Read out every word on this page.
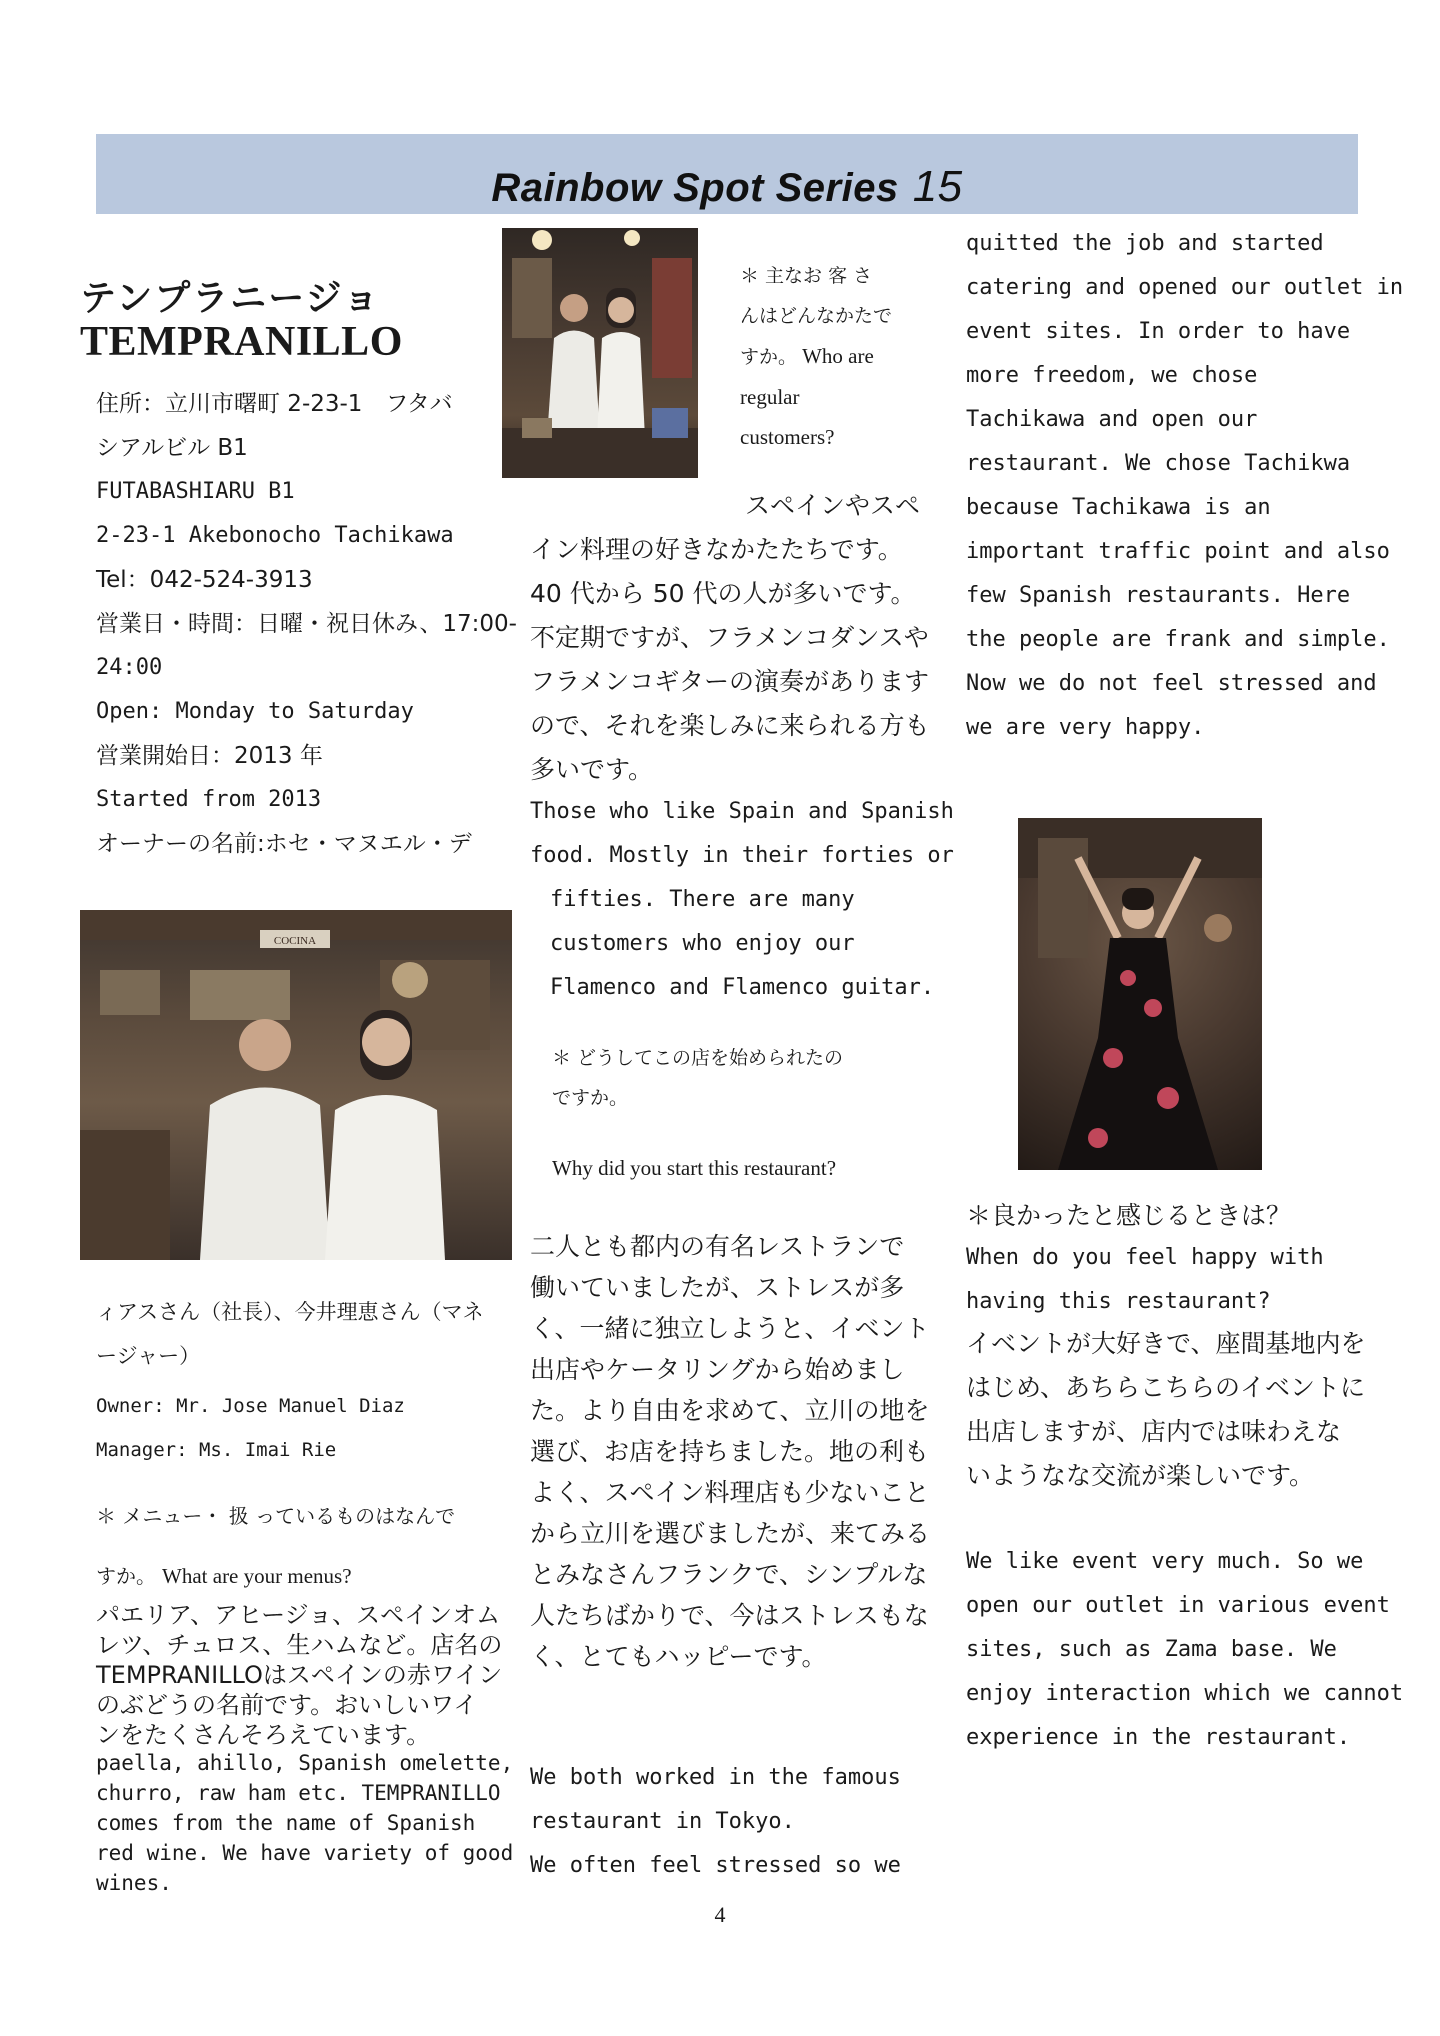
Rainbow Spot Series 15
テンプラニージョ
TEMPRANILLO
住所：立川市曙町 2-23-1　フタバ
シアルビル B1
FUTABASHIARU B1
2-23-1 Akebonocho Tachikawa
Tel：042-524-3913
営業日・時間：日曜・祝日休み、17:00-
24:00
Open: Monday to Saturday
営業開始日：2013 年
Started from 2013
オーナーの名前:ホセ・マヌエル・デ
COCINA
ィアスさん（社長）、今井理恵さん（マネ
ージャー）
Owner: Mr. Jose Manuel Diaz
Manager: Ms. Imai Rie
＊ メニュー・ 扱 っているものはなんで
すか。　 What are your menus?
パエリア、アヒージョ、スペインオム
レツ、チュロス、生ハムなど。店名の
TEMPRANILLOはスペインの赤ワイン
のぶどうの名前です。おいしいワイ
ンをたくさんそろえています。
paella, ahillo, Spanish omelette,
churro, raw ham etc. TEMPRANILLO
comes from the name of Spanish
red wine. We have variety of good
wines.
＊ 主なお 客 さ
んはどんなかたで
すか。 Who are
regular
customers?
スペインやスペ
イン料理の好きなかたたちです。
40 代から 50 代の人が多いです。
不定期ですが、フラメンコダンスや
フラメンコギターの演奏があります
ので、それを楽しみに来られる方も
多いです。
Those who like Spain and Spanish
food. Mostly in their forties or
fifties. There are many
customers who enjoy our
Flamenco and Flamenco guitar.
＊ どうしてこの店を始められたの
ですか。
Why did you start this restaurant?
二人とも都内の有名レストランで
働いていましたが、ストレスが多
く、一緒に独立しようと、イベント
出店やケータリングから始めまし
た。より自由を求めて、立川の地を
選び、お店を持ちました。地の利も
よく、スペイン料理店も少ないこと
から立川を選びましたが、来てみる
とみなさんフランクで、シンプルな
人たちばかりで、今はストレスもな
く、とてもハッピーです。
We both worked in the famous
restaurant in Tokyo.
We often feel stressed so we
quitted the job and started
catering and opened our outlet in
event sites. In order to have
more freedom, we chose
Tachikawa and open our
restaurant. We chose Tachikwa
because Tachikawa is an
important traffic point and also
few Spanish restaurants. Here
the people are frank and simple.
Now we do not feel stressed and
we are very happy.
＊良かったと感じるときは？
When do you feel happy with
having this restaurant?
イベントが大好きで、座間基地内を
はじめ、あちらこちらのイベントに
出店しますが、店内では味わえな
いようなな交流が楽しいです。
We like event very much. So we
open our outlet in various event
sites, such as Zama base. We
enjoy interaction which we cannot
experience in the restaurant.
4
